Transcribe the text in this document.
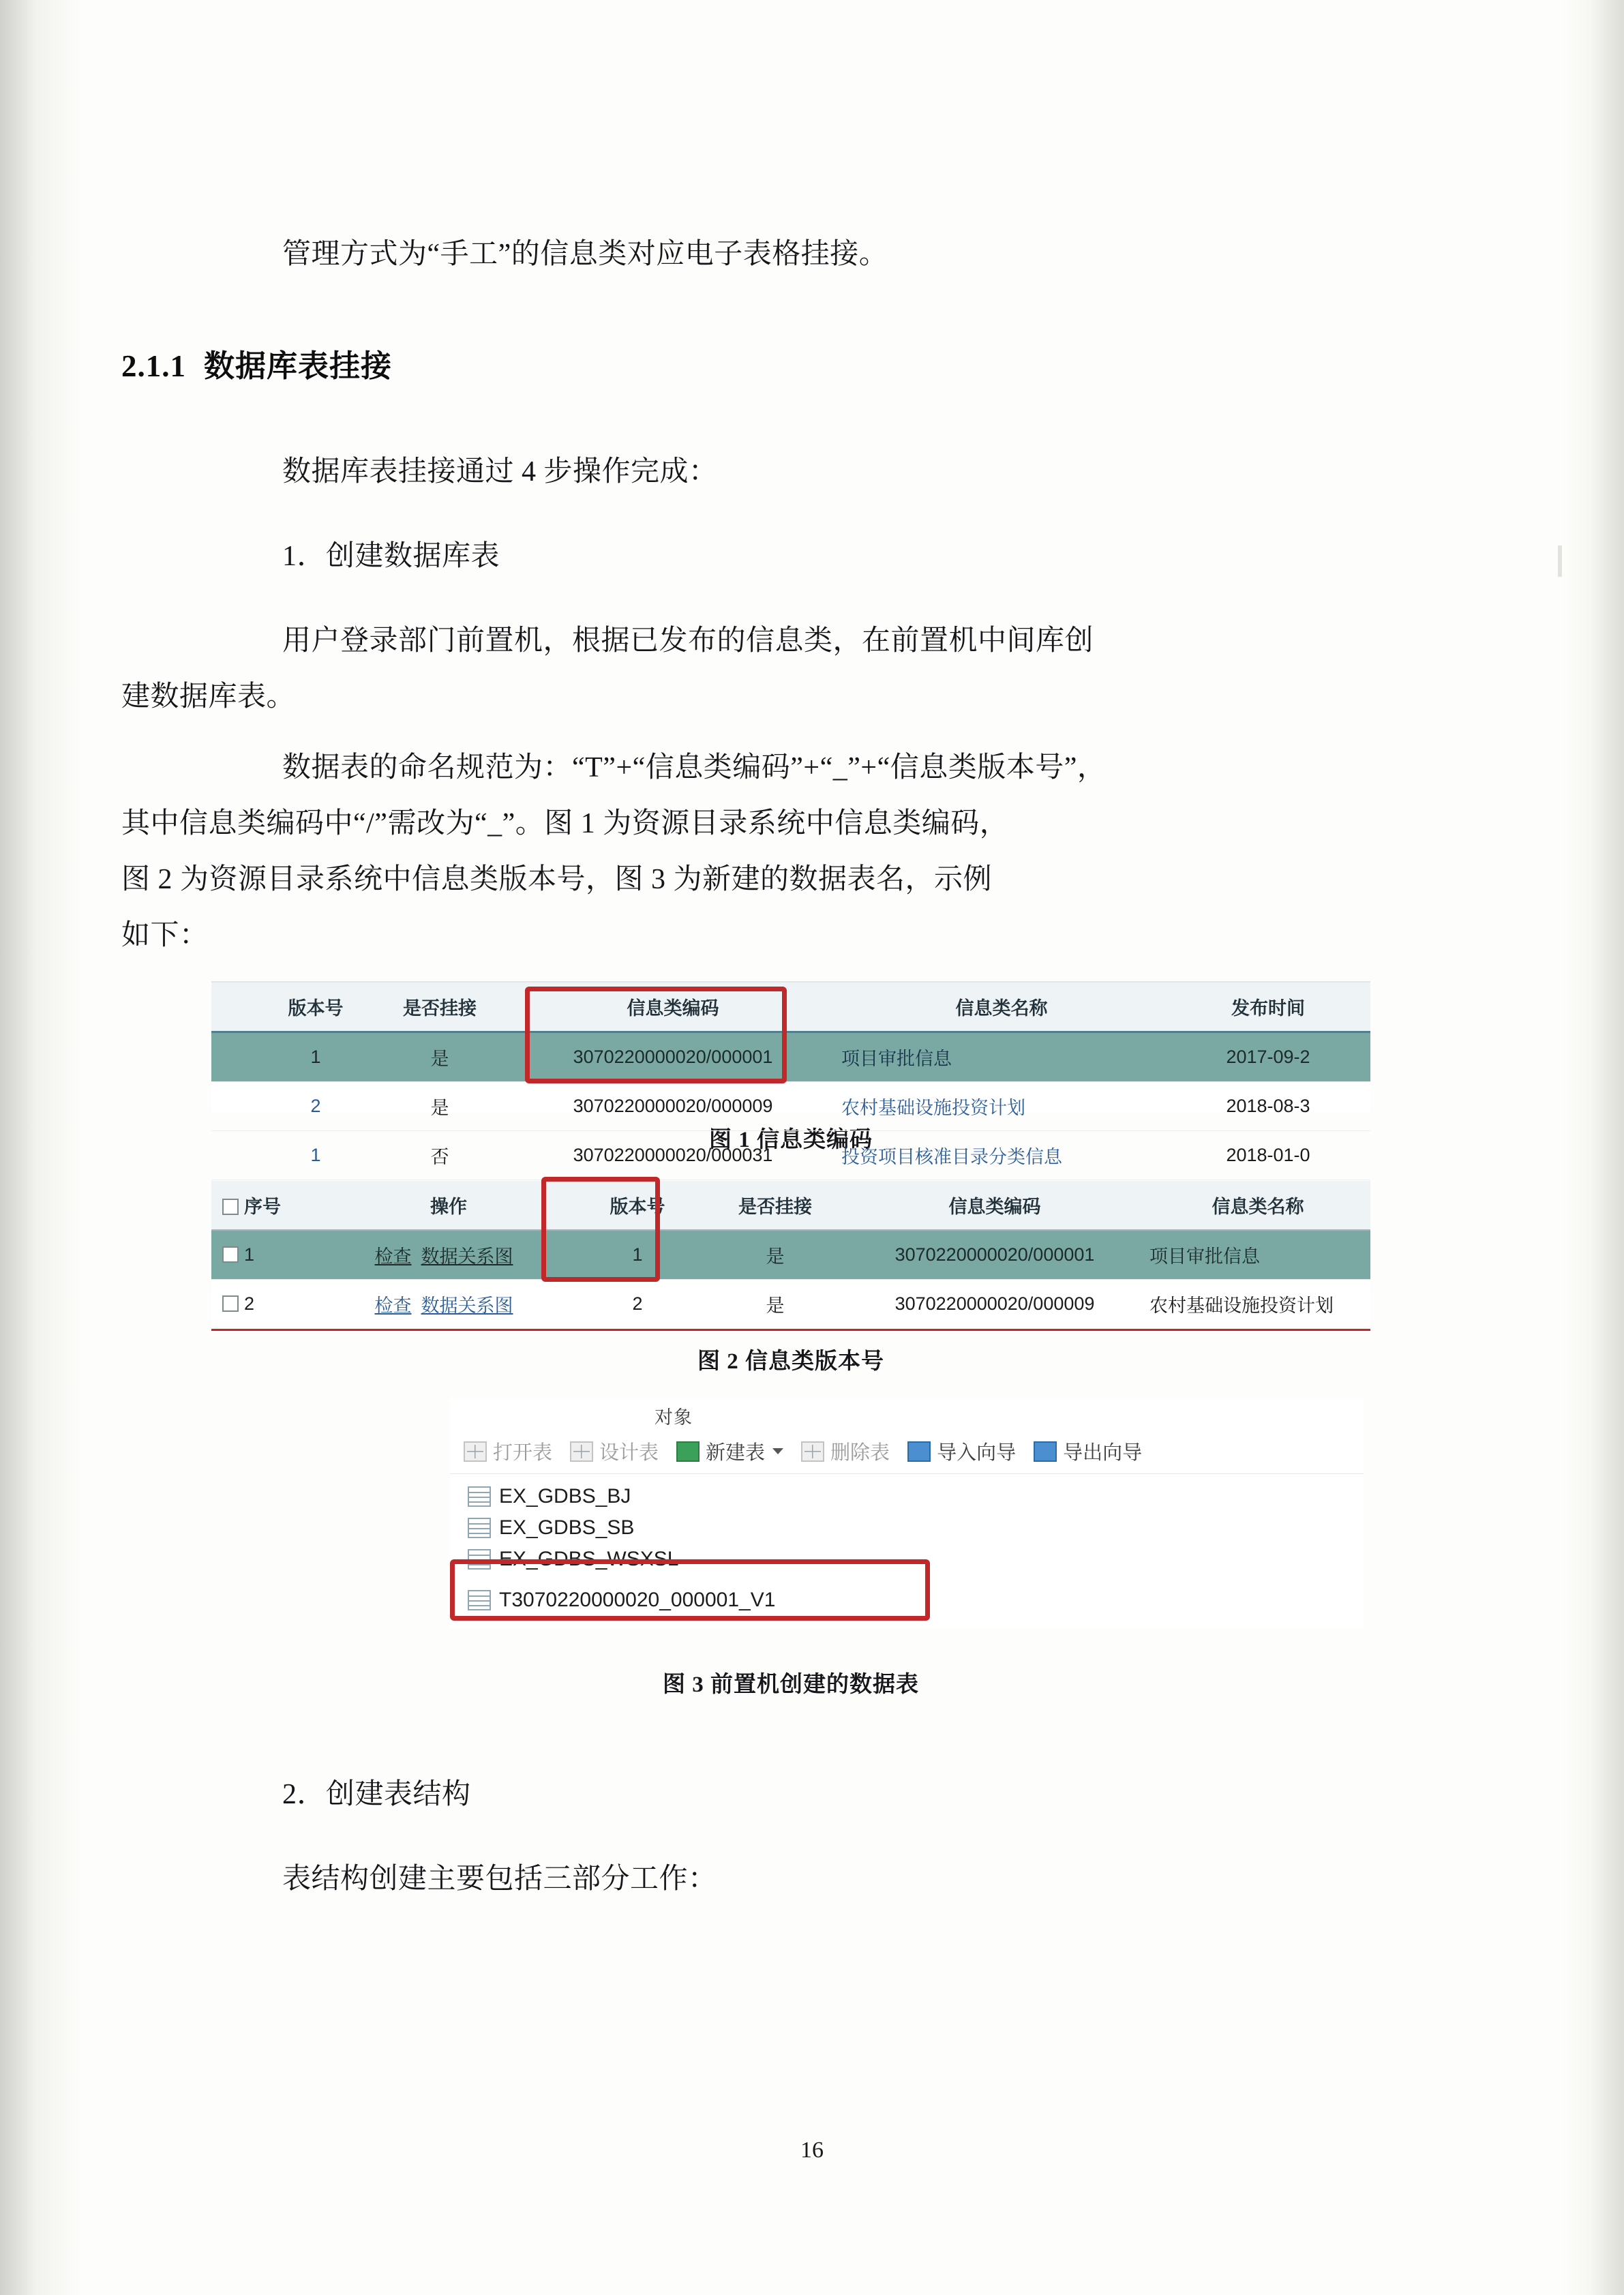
管理方式为“手工”的信息类对应电子表格挂接。

2.1.1 数据库表挂接

数据库表挂接通过 4 步操作完成：

1．创建数据库表

用户登录部门前置机，根据已发布的信息类，在前置机中间库创

建数据库表。

数据表的命名规范为：“T”+“信息类编码”+“_”+“信息类版本号”，

其中信息类编码中“/”需改为“_”。图 1 为资源目录系统中信息类编码，

图 2 为资源目录系统中信息类版本号，图 3 为新建的数据表名，示例

如下：

	版本号	是否挂接	信息类编码	信息类名称	发布时间
	1	是	3070220000020/000001	项目审批信息	2017-09-2
	2	是	3070220000020/000009	农村基础设施投资计划	2018-08-3
	1	否	3070220000020/000031	投资项目核准目录分类信息	2018-01-0
图 1 信息类编码
序号	操作	版本号	是否挂接	信息类编码	信息类名称
1	检查 数据关系图	1	是	3070220000020/000001	项目审批信息
2	检查 数据关系图	2	是	3070220000020/000009	农村基础设施投资计划
图 2 信息类版本号
对象
打开表 设计表 新建表	删除表 导入向导 导出向导
EX_GDBS_BJ
EX_GDBS_SB
EX_GDBS_WSXSL
T3070220000020_000001_V1
图 3 前置机创建的数据表

2．创建表结构

表结构创建主要包括三部分工作：

16
